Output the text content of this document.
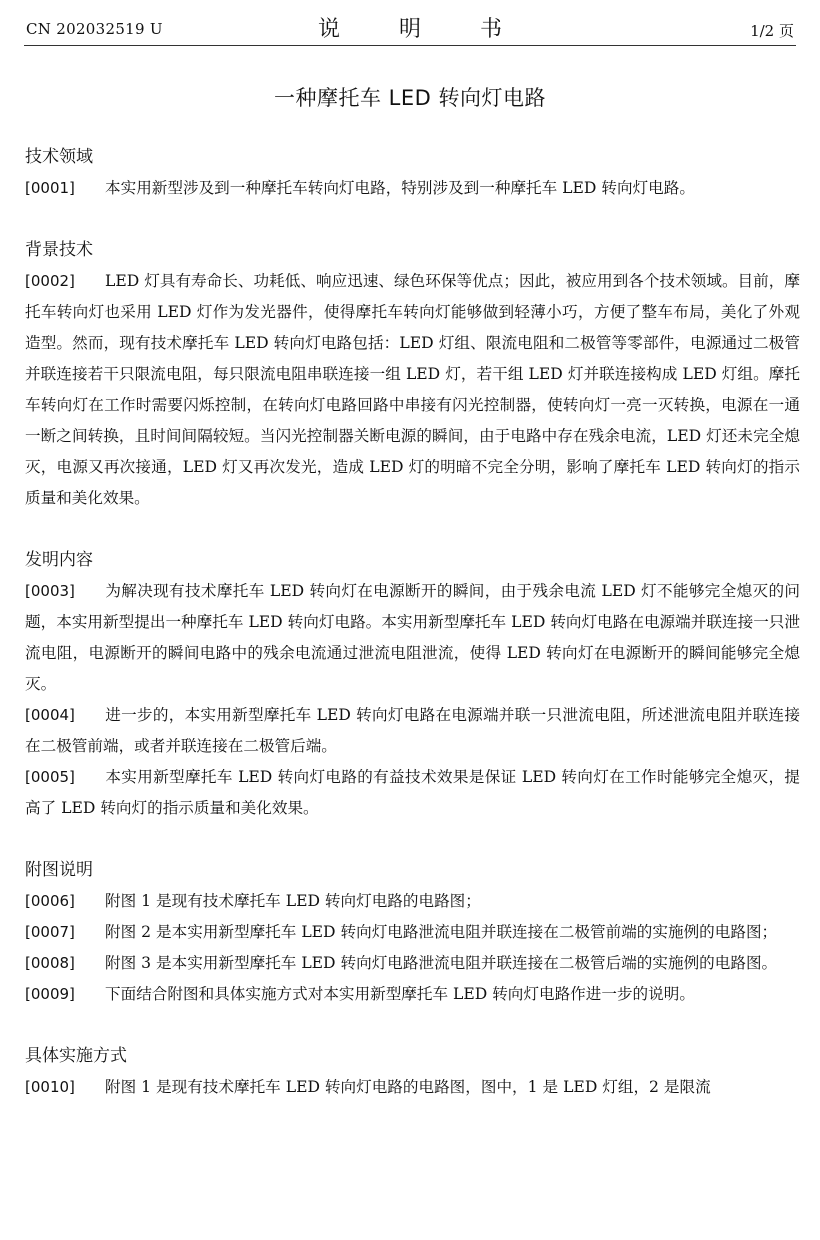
CN 202032519 U	说 明 书	1/2 页
一种摩托车 LED 转向灯电路
技术领域
[0001] 本实用新型涉及到一种摩托车转向灯电路，特别涉及到一种摩托车 LED 转向灯电路。
背景技术
[0002] LED 灯具有寿命长、功耗低、响应迅速、绿色环保等优点；因此，被应用到各个技术领域。目前，摩托车转向灯也采用 LED 灯作为发光器件，使得摩托车转向灯能够做到轻薄小巧，方便了整车布局，美化了外观造型。然而，现有技术摩托车 LED 转向灯电路包括：LED 灯组、限流电阻和二极管等零部件，电源通过二极管并联连接若干只限流电阻，每只限流电阻串联连接一组 LED 灯，若干组 LED 灯并联连接构成 LED 灯组。摩托车转向灯在工作时需要闪烁控制，在转向灯电路回路中串接有闪光控制器，使转向灯一亮一灭转换，电源在一通一断之间转换，且时间间隔较短。当闪光控制器关断电源的瞬间，由于电路中存在残余电流，LED 灯还未完全熄灭，电源又再次接通，LED 灯又再次发光，造成 LED 灯的明暗不完全分明，影响了摩托车 LED 转向灯的指示质量和美化效果。
发明内容
[0003] 为解决现有技术摩托车 LED 转向灯在电源断开的瞬间，由于残余电流 LED 灯不能够完全熄灭的问题，本实用新型提出一种摩托车 LED 转向灯电路。本实用新型摩托车 LED 转向灯电路在电源端并联连接一只泄流电阻，电源断开的瞬间电路中的残余电流通过泄流电阻泄流，使得 LED 转向灯在电源断开的瞬间能够完全熄灭。
[0004] 进一步的，本实用新型摩托车 LED 转向灯电路在电源端并联一只泄流电阻，所述泄流电阻并联连接在二极管前端，或者并联连接在二极管后端。
[0005] 本实用新型摩托车 LED 转向灯电路的有益技术效果是保证 LED 转向灯在工作时能够完全熄灭，提高了 LED 转向灯的指示质量和美化效果。
附图说明
[0006] 附图 1 是现有技术摩托车 LED 转向灯电路的电路图；
[0007] 附图 2 是本实用新型摩托车 LED 转向灯电路泄流电阻并联连接在二极管前端的实施例的电路图；
[0008] 附图 3 是本实用新型摩托车 LED 转向灯电路泄流电阻并联连接在二极管后端的实施例的电路图。
[0009] 下面结合附图和具体实施方式对本实用新型摩托车 LED 转向灯电路作进一步的说明。
具体实施方式
[0010] 附图 1 是现有技术摩托车 LED 转向灯电路的电路图，图中，1 是 LED 灯组，2 是限流
